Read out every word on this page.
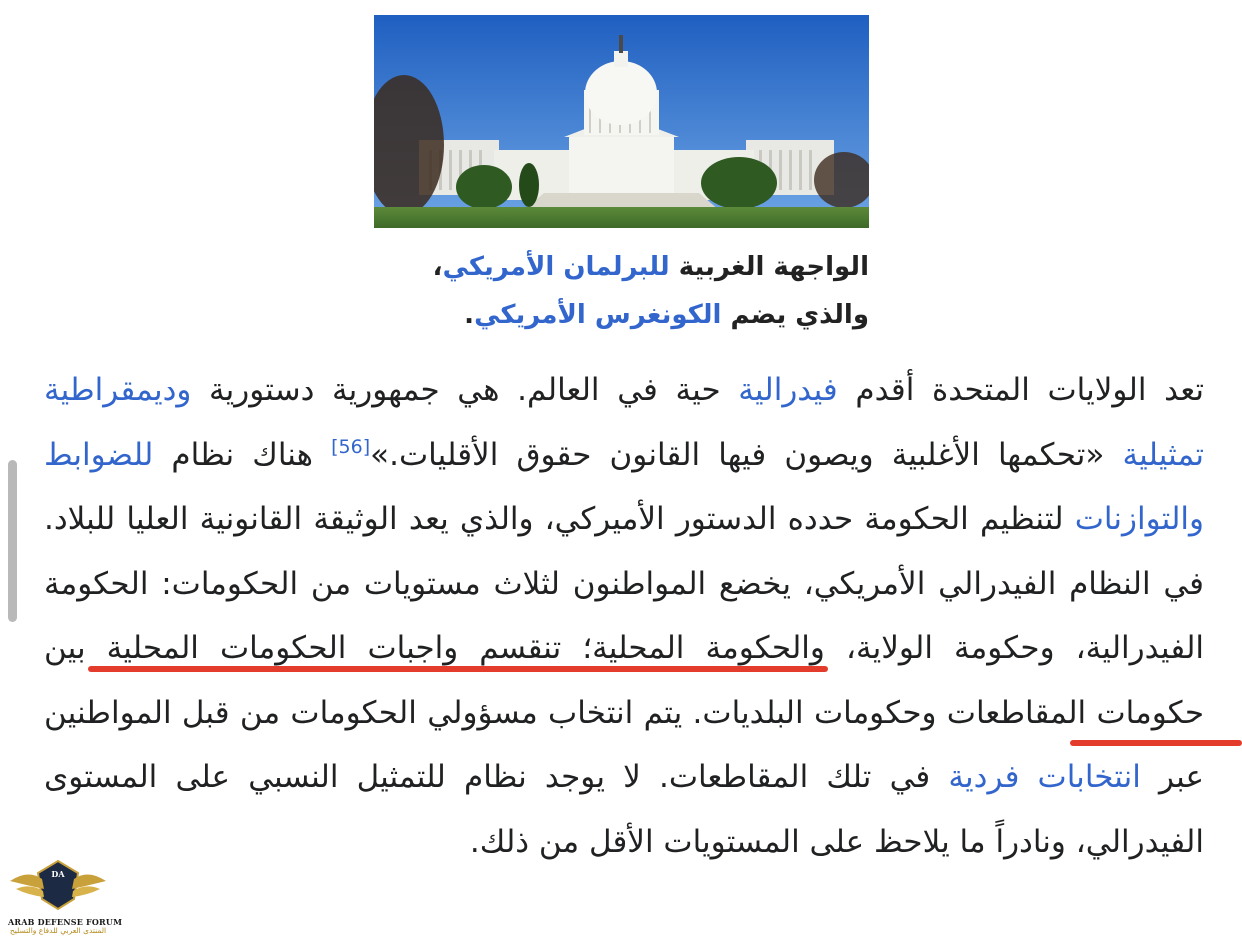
الواجهة الغربية للبرلمان الأمريكي،
والذي يضم الكونغرس الأمريكي.
تعد الولايات المتحدة أقدم فيدرالية حية في العالم. هي جمهورية دستورية وديمقراطية تمثيلية «تحكمها الأغلبية ويصون فيها القانون حقوق الأقليات.»[56] هناك نظام للضوابط والتوازنات لتنظيم الحكومة حدده الدستور الأميركي، والذي يعد الوثيقة القانونية العليا للبلاد. في النظام الفيدرالي الأمريكي، يخضع المواطنون لثلاث مستويات من الحكومات: الحكومة الفيدرالية، وحكومة الولاية، والحكومة المحلية؛ تنقسم واجبات الحكومات المحلية بين حكومات المقاطعات وحكومات البلديات. يتم انتخاب مسؤولي الحكومات من قبل المواطنين عبر انتخابات فردية في تلك المقاطعات. لا يوجد نظام للتمثيل النسبي على المستوى الفيدرالي، ونادراً ما يلاحظ على المستويات الأقل من ذلك.
DA
ARAB DEFENSE FORUM
المنتدى العربي للدفاع والتسليح
